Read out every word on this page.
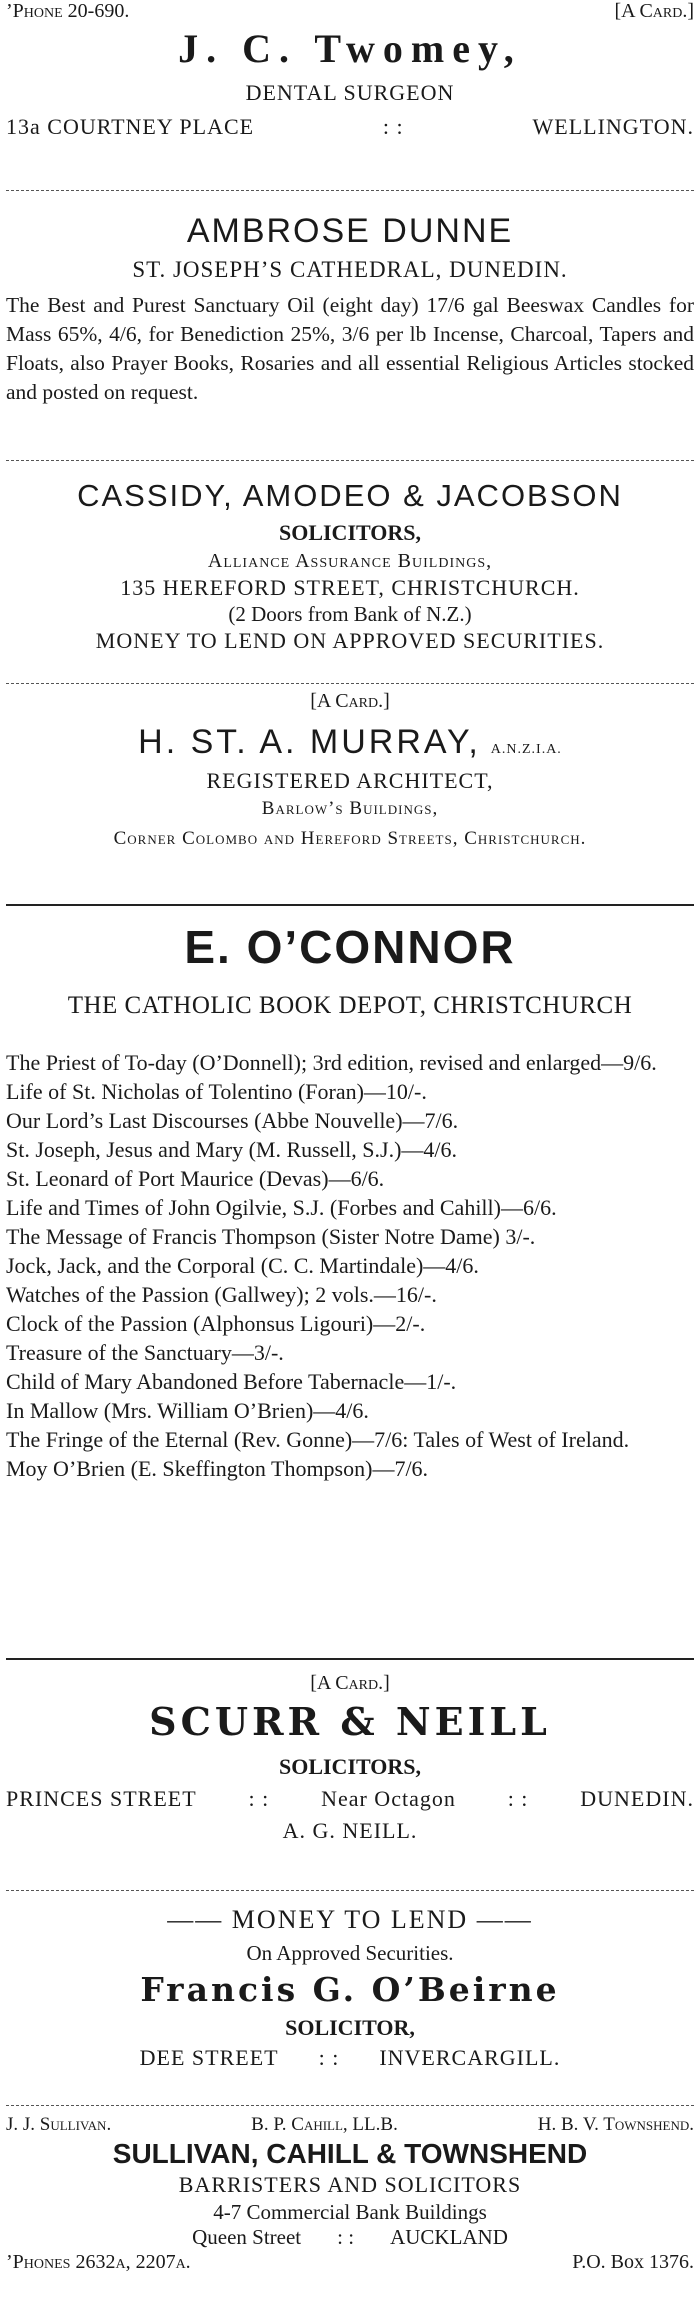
’Phone 20-690.	[A Card.]
J. C. Twomey,
DENTAL SURGEON
13a COURTNEY PLACE	: :	WELLINGTON.
AMBROSE DUNNE
ST. JOSEPH’S CATHEDRAL, DUNEDIN.
The Best and Purest Sanctuary Oil (eight day) 17/6 gal Beeswax Candles for Mass 65%, 4/6, for Benediction 25%, 3/6 per lb Incense, Charcoal, Tapers and Floats, also Prayer Books, Rosaries and all essential Religious Articles stocked and posted on request.
CASSIDY, AMODEO & JACOBSON
SOLICITORS,
Alliance Assurance Buildings,
135 HEREFORD STREET, CHRISTCHURCH.
(2 Doors from Bank of N.Z.)
MONEY TO LEND ON APPROVED SECURITIES.
[A Card.]
H. ST. A. MURRAY, A.N.Z.I.A.
REGISTERED ARCHITECT,
Barlow’s Buildings,
Corner Colombo and Hereford Streets, Christchurch.
E. O’CONNOR
THE CATHOLIC BOOK DEPOT, CHRISTCHURCH

The Priest of To-day (O’Donnell); 3rd edition, revised and enlarged—9/6.

Life of St. Nicholas of Tolentino (Foran)—10/-.

Our Lord’s Last Discourses (Abbe Nouvelle)—7/6.

St. Joseph, Jesus and Mary (M. Russell, S.J.)—4/6.

St. Leonard of Port Maurice (Devas)—6/6.

Life and Times of John Ogilvie, S.J. (Forbes and Cahill)—6/6.

The Message of Francis Thompson (Sister Notre Dame) 3/-.

Jock, Jack, and the Corporal (C. C. Martindale)—4/6.

Watches of the Passion (Gallwey); 2 vols.—16/-.

Clock of the Passion (Alphonsus Ligouri)—2/-.

Treasure of the Sanctuary—3/-.

Child of Mary Abandoned Before Tabernacle—1/-.

In Mallow (Mrs. William O’Brien)—4/6.

The Fringe of the Eternal (Rev. Gonne)—7/6: Tales of West of Ireland.

Moy O’Brien (E. Skeffington Thompson)—7/6.

[A Card.]
SCURR & NEILL
SOLICITORS,
PRINCES STREET : : Near Octagon : : DUNEDIN.
A. G. NEILL.
—— MONEY TO LEND ——
On Approved Securities.
Francis G. O’Beirne
SOLICITOR,
DEE STREET : : INVERCARGILL.
J. J. Sullivan.	B. P. Cahill, LL.B.	H. B. V. Townshend.
SULLIVAN, CAHILL & TOWNSHEND
BARRISTERS AND SOLICITORS
4-7 Commercial Bank Buildings
Queen Street : : AUCKLAND
’Phones 2632a, 2207a.	P.O. Box 1376.
